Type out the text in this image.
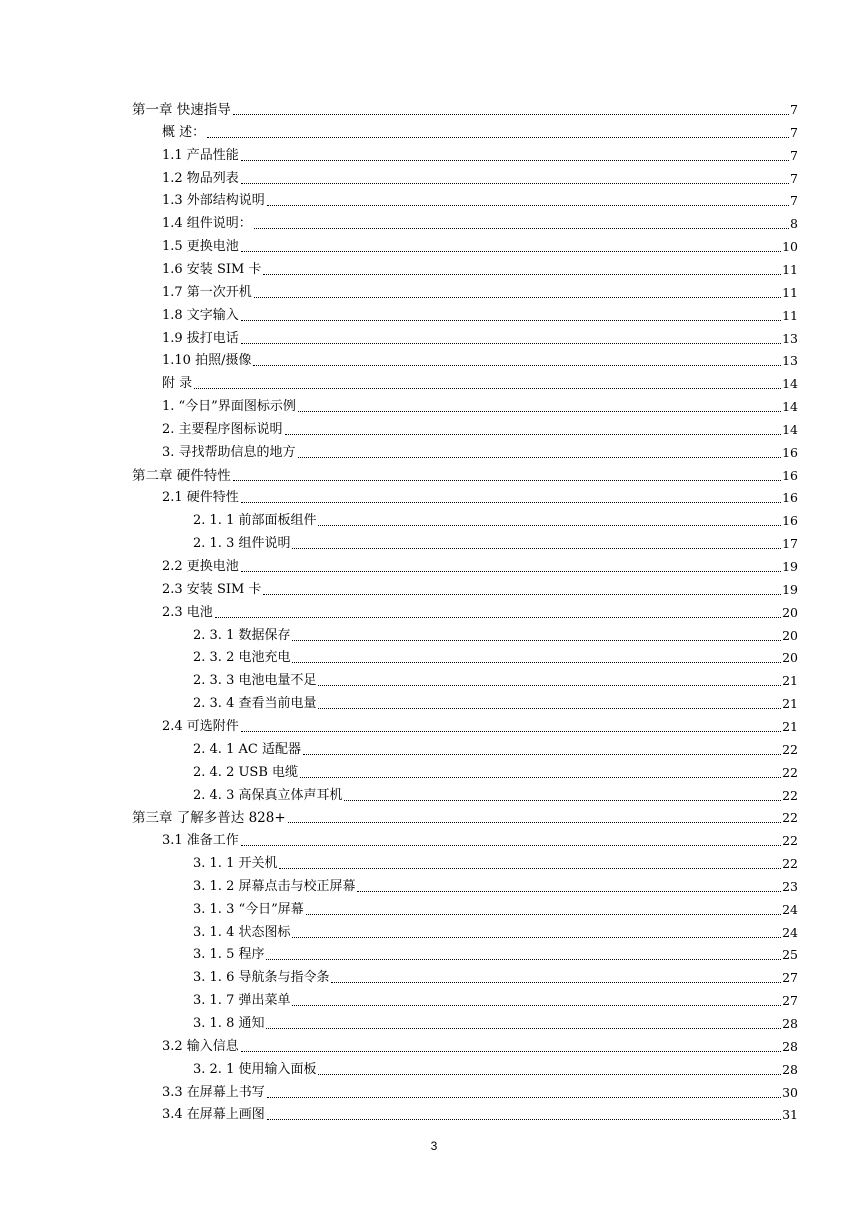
第一章 快速指导	7
概 述：	7
1.1 产品性能	7
1.2 物品列表	7
1.3 外部结构说明	7
1.4 组件说明：	8
1.5 更换电池	10
1.6 安装 SIM 卡	11
1.7 第一次开机	11
1.8 文字输入	11
1.9 拔打电话	13
1.10 拍照/摄像	13
附 录	14
1. “今日”界面图标示例	14
2. 主要程序图标说明	14
3. 寻找帮助信息的地方	16
第二章 硬件特性	16
2.1 硬件特性	16
2. 1. 1 前部面板组件	16
2. 1. 3 组件说明	17
2.2 更换电池	19
2.3 安装 SIM 卡	19
2.3 电池	20
2. 3. 1 数据保存	20
2. 3. 2 电池充电	20
2. 3. 3 电池电量不足	21
2. 3. 4 查看当前电量	21
2.4 可选附件	21
2. 4. 1 AC 适配器	22
2. 4. 2 USB 电缆	22
2. 4. 3 高保真立体声耳机	22
第三章 了解多普达 828+	22
3.1 准备工作	22
3. 1. 1 开关机	22
3. 1. 2 屏幕点击与校正屏幕	23
3. 1. 3 “今日”屏幕	24
3. 1. 4 状态图标	24
3. 1. 5 程序	25
3. 1. 6 导航条与指令条	27
3. 1. 7 弹出菜单	27
3. 1. 8 通知	28
3.2 输入信息	28
3. 2. 1 使用输入面板	28
3.3 在屏幕上书写	30
3.4 在屏幕上画图	31
3
